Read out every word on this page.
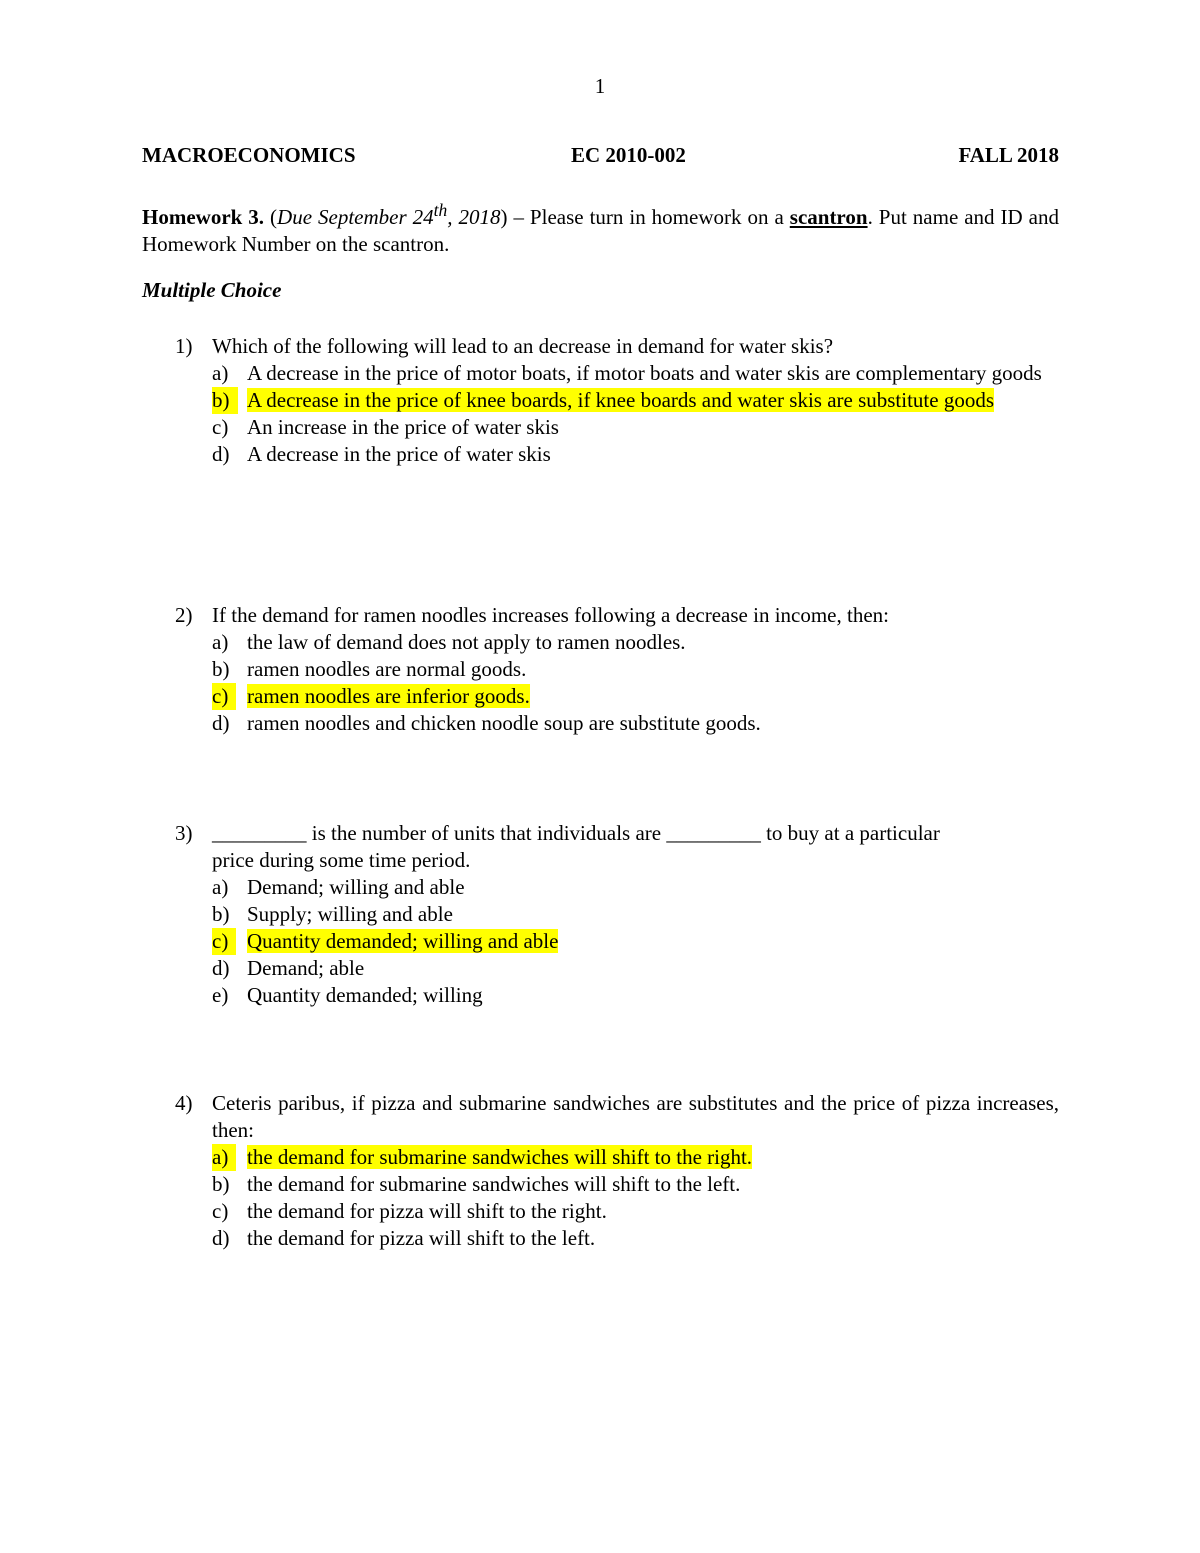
1
MACROECONOMICS	EC 2010-002	FALL 2018
Homework 3. (Due September 24th, 2018) – Please turn in homework on a scantron. Put name and ID and Homework Number on the scantron.
Multiple Choice
1) Which of the following will lead to an decrease in demand for water skis?
a) A decrease in the price of motor boats, if motor boats and water skis are complementary goods
b) A decrease in the price of knee boards, if knee boards and water skis are substitute goods
c) An increase in the price of water skis
d) A decrease in the price of water skis
2) If the demand for ramen noodles increases following a decrease in income, then:
a) the law of demand does not apply to ramen noodles.
b) ramen noodles are normal goods.
c) ramen noodles are inferior goods.
d) ramen noodles and chicken noodle soup are substitute goods.
3) _________ is the number of units that individuals are _________ to buy at a particular
price during some time period.
a) Demand; willing and able
b) Supply; willing and able
c) Quantity demanded; willing and able
d) Demand; able
e) Quantity demanded; willing
4) Ceteris paribus, if pizza and submarine sandwiches are substitutes and the price of pizza increases, then:
a) the demand for submarine sandwiches will shift to the right.
b) the demand for submarine sandwiches will shift to the left.
c) the demand for pizza will shift to the right.
d) the demand for pizza will shift to the left.
